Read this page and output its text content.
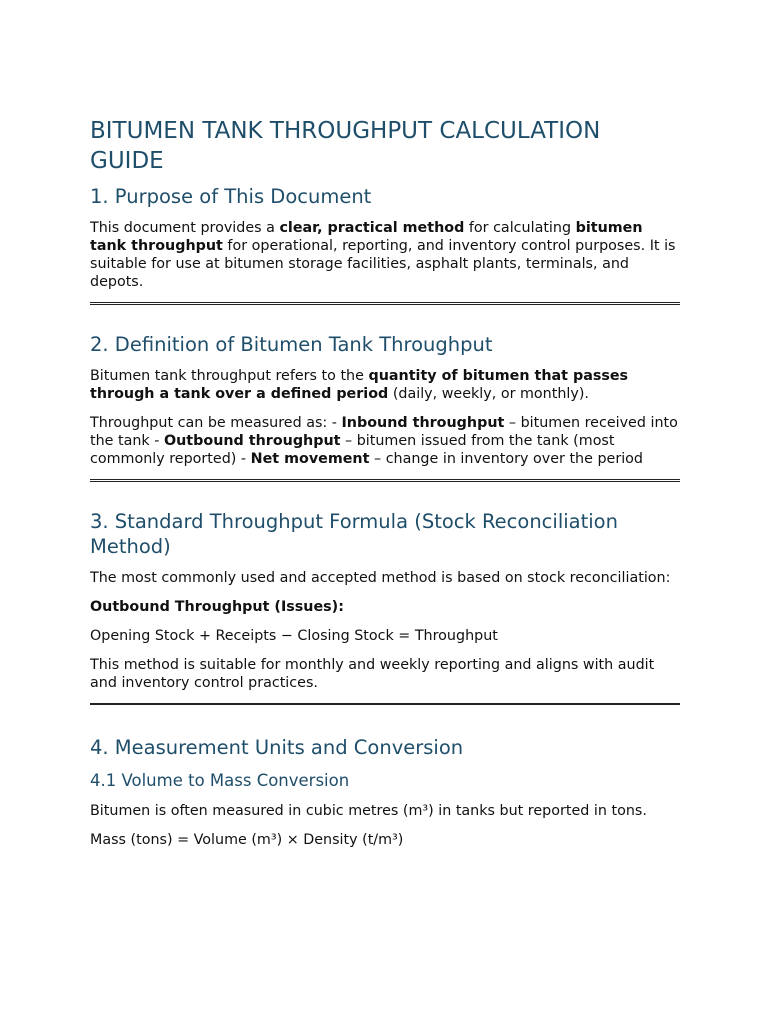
BITUMEN TANK THROUGHPUT CALCULATION GUIDE
1. Purpose of This Document

This document provides a clear, practical method for calculating bitumen tank throughput for operational, reporting, and inventory control purposes. It is suitable for use at bitumen storage facilities, asphalt plants, terminals, and depots.

2. Definition of Bitumen Tank Throughput

Bitumen tank throughput refers to the quantity of bitumen that passes through a tank over a defined period (daily, weekly, or monthly).

Throughput can be measured as: - Inbound throughput – bitumen received into the tank - Outbound throughput – bitumen issued from the tank (most commonly reported) - Net movement – change in inventory over the period

3. Standard Throughput Formula (Stock Reconciliation Method)

The most commonly used and accepted method is based on stock reconciliation:

Outbound Throughput (Issues):

Opening Stock + Receipts − Closing Stock = Throughput

This method is suitable for monthly and weekly reporting and aligns with audit and inventory control practices.

4. Measurement Units and Conversion
4.1 Volume to Mass Conversion

Bitumen is often measured in cubic metres (m³) in tanks but reported in tons.

Mass (tons) = Volume (m³) × Density (t/m³)
